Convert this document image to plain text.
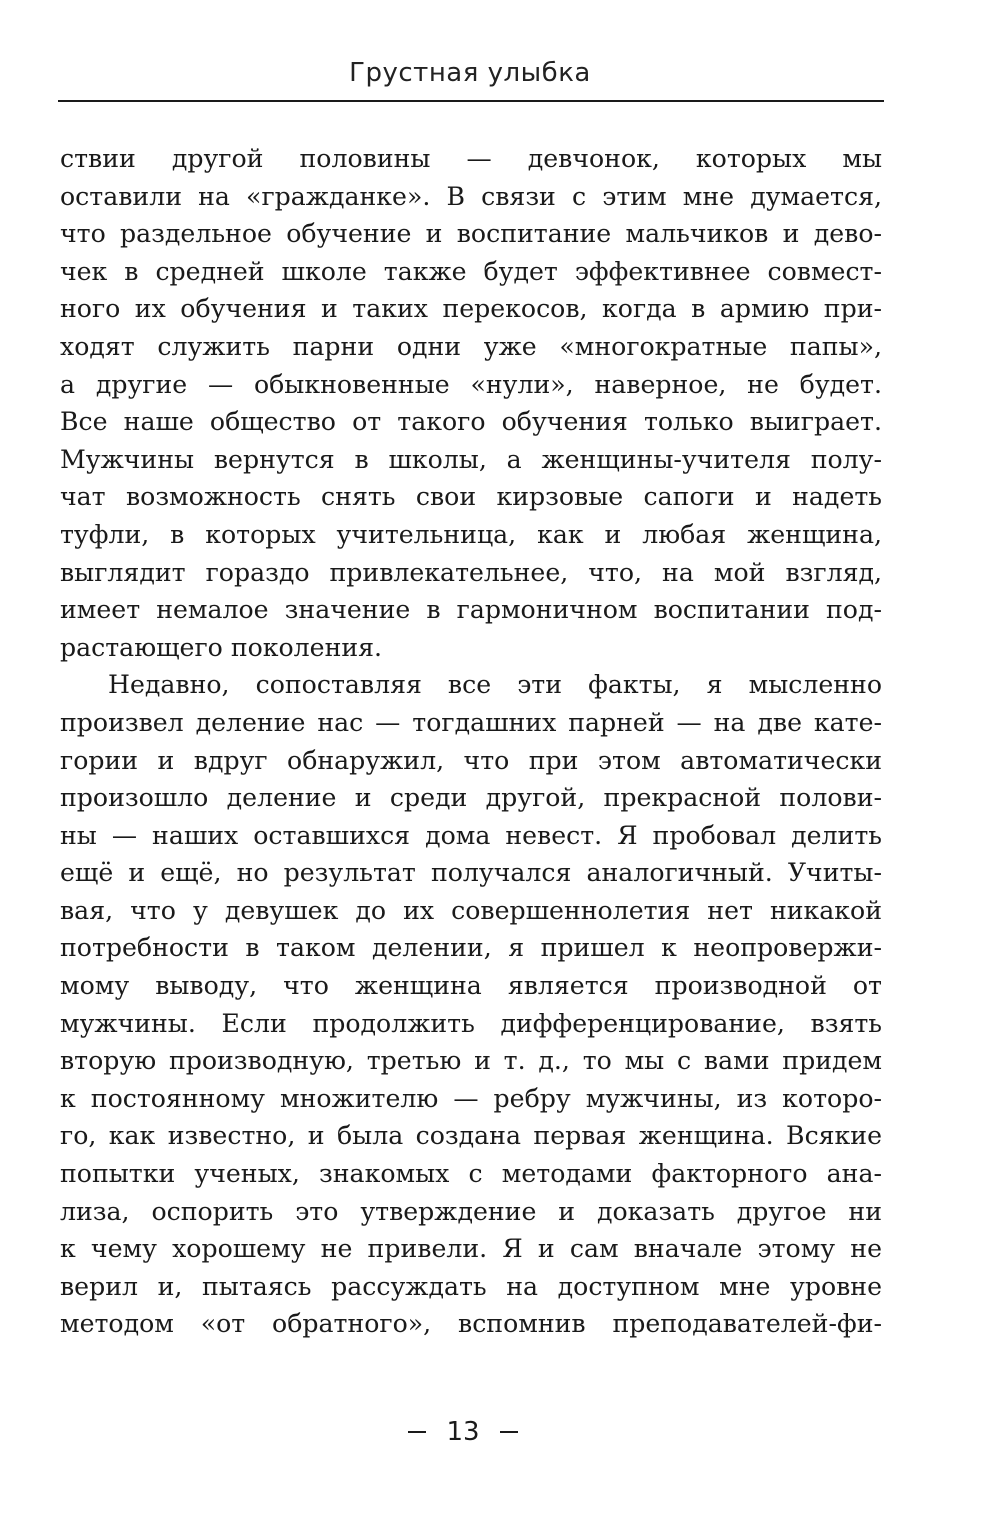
Грустная улыбка
ствии другой половины — девчонок, которых мы
оставили на «гражданке». В связи с этим мне думается,
что раздельное обучение и воспитание мальчиков и дево-
чек в средней школе также будет эффективнее совмест-
ного их обучения и таких перекосов, когда в армию при-
ходят служить парни одни уже «многократные папы»,
а другие — обыкновенные «нули», наверное, не будет.
Все наше общество от такого обучения только выиграет.
Мужчины вернутся в школы, а женщины-учителя полу-
чат возможность снять свои кирзовые сапоги и надеть
туфли, в которых учительница, как и любая женщина,
выглядит гораздо привлекательнее, что, на мой взгляд,
имеет немалое значение в гармоничном воспитании под-
растающего поколения.
Недавно, сопоставляя все эти факты, я мысленно
произвел деление нас — тогдашних парней — на две кате-
гории и вдруг обнаружил, что при этом автоматически
произошло деление и среди другой, прекрасной полови-
ны — наших оставшихся дома невест. Я пробовал делить
ещё и ещё, но результат получался аналогичный. Учиты-
вая, что у девушек до их совершеннолетия нет никакой
потребности в таком делении, я пришел к неопровержи-
мому выводу, что женщина является производной от
мужчины. Если продолжить дифференцирование, взять
вторую производную, третью и т. д., то мы с вами придем
к постоянному множителю — ребру мужчины, из которо-
го, как известно, и была создана первая женщина. Всякие
попытки ученых, знакомых с методами факторного ана-
лиза, оспорить это утверждение и доказать другое ни
к чему хорошему не привели. Я и сам вначале этому не
верил и, пытаясь рассуждать на доступном мне уровне
методом «от обратного», вспомнив преподавателей-фи-
13
